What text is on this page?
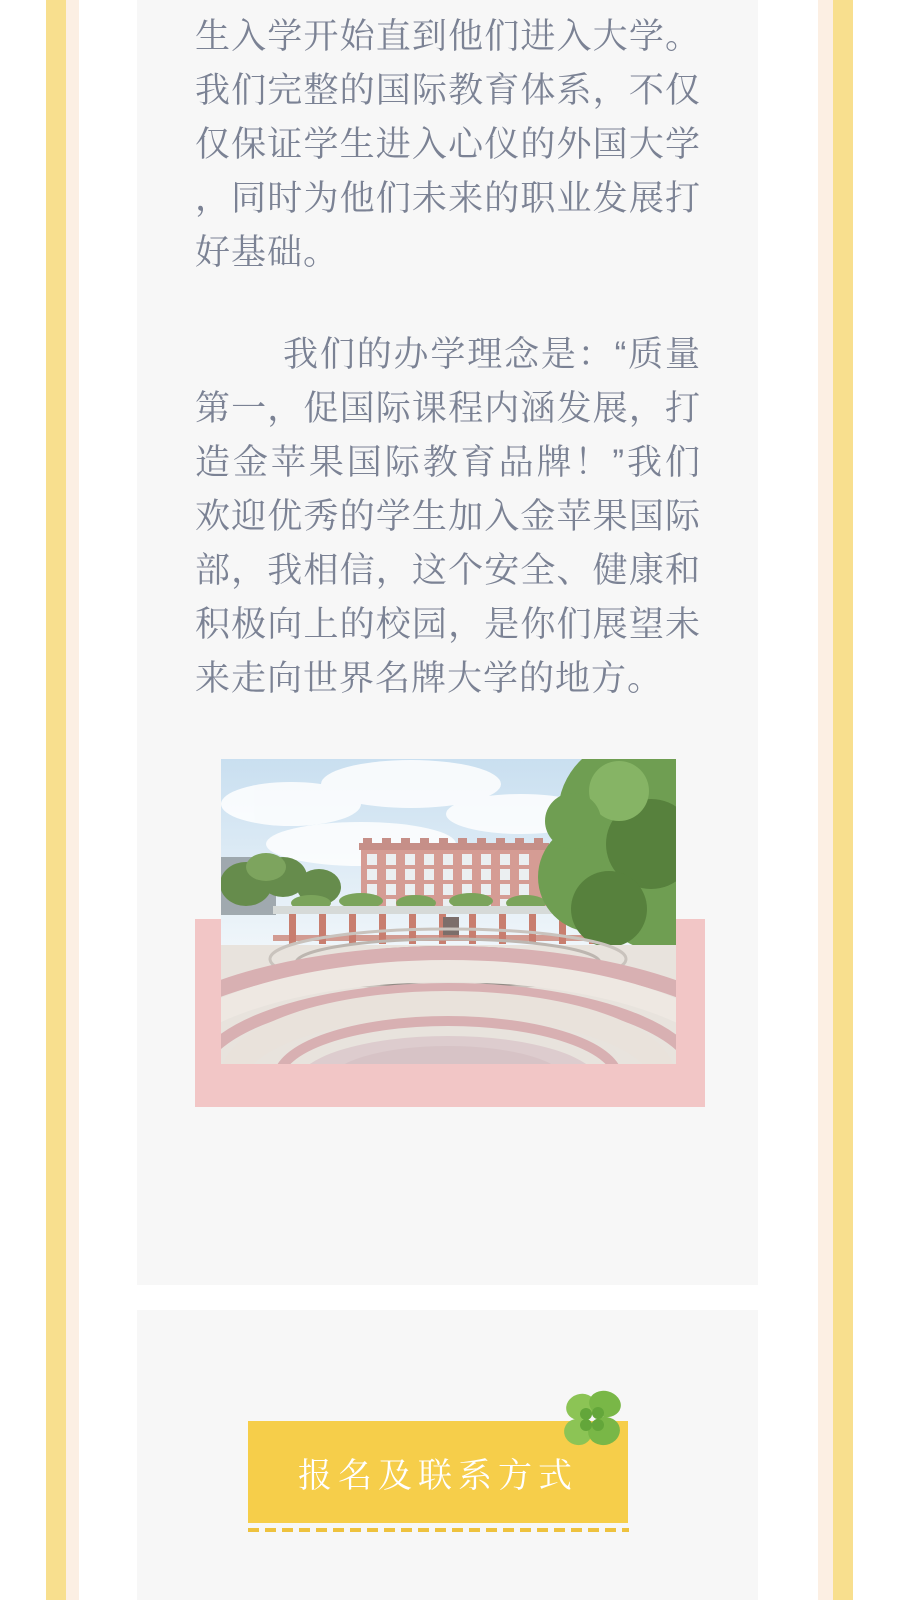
生入学开始直到他们进入大学。我们完整的国际教育体系，不仅仅保证学生进入心仪的外国大学，同时为他们未来的职业发展打好基础。

我们的办学理念是：“质量第一，促国际课程内涵发展，打造金苹果国际教育品牌！”我们欢迎优秀的学生加入金苹果国际部，我相信，这个安全、健康和积极向上的校园，是你们展望未来走向世界名牌大学的地方。

报名及联系方式
